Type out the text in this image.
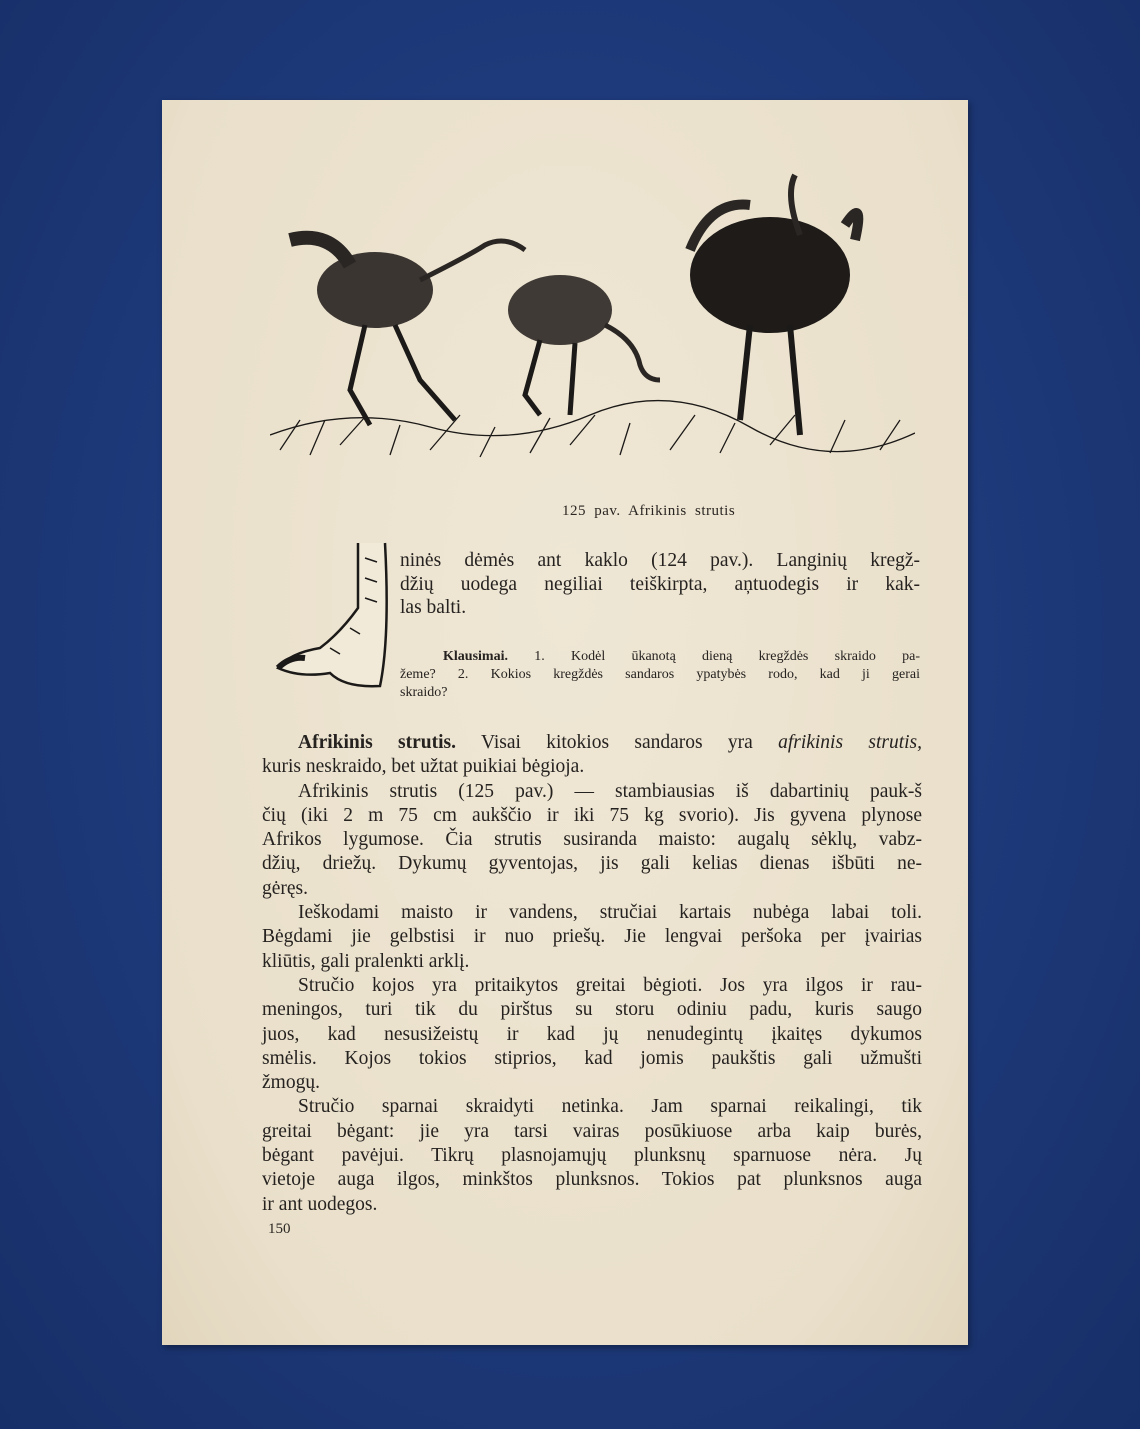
125 pav. Afrikinis strutis
ninės dėmės ant kaklo (124 pav.). Langinių kregž-
džių uodega negiliai teiškirpta, aņtuodegis ir kak-
las balti.
Klausimai. 1. Kodėl ūkanotą dieną kregždės skraido pa-
žeme? 2. Kokios kregždės sandaros ypatybės rodo, kad ji gerai
skraido?
Afrikinis strutis. Visai kitokios sandaros yra afrikinis strutis,
kuris neskraido, bet užtat puikiai bėgioja.
Afrikinis strutis (125 pav.) — stambiausias iš dabartinių pauk-š
čių (iki 2 m 75 cm aukščio ir iki 75 kg svorio). Jis gyvena plynose
Afrikos lygumose. Čia strutis susiranda maisto: augalų sėklų, vabz-
džių, driežų. Dykumų gyventojas, jis gali kelias dienas išbūti ne-
gėręs.
Ieškodami maisto ir vandens, stručiai kartais nubėga labai toli.
Bėgdami jie gelbstisi ir nuo priešų. Jie lengvai peršoka per įvairias
kliūtis, gali pralenkti arklį.
Stručio kojos yra pritaikytos greitai bėgioti. Jos yra ilgos ir rau-
meningos, turi tik du pirštus su storu odiniu padu, kuris saugo
juos, kad nesusižeistų ir kad jų nenudegintų įkaitęs dykumos
smėlis. Kojos tokios stiprios, kad jomis paukštis gali užmušti
žmogų.
Stručio sparnai skraidyti netinka. Jam sparnai reikalingi, tik
greitai bėgant: jie yra tarsi vairas posūkiuose arba kaip burės,
bėgant pavėjui. Tikrų plasnojamųjų plunksnų sparnuose nėra. Jų
vietoje auga ilgos, minkštos plunksnos. Tokios pat plunksnos auga
ir ant uodegos.
150
